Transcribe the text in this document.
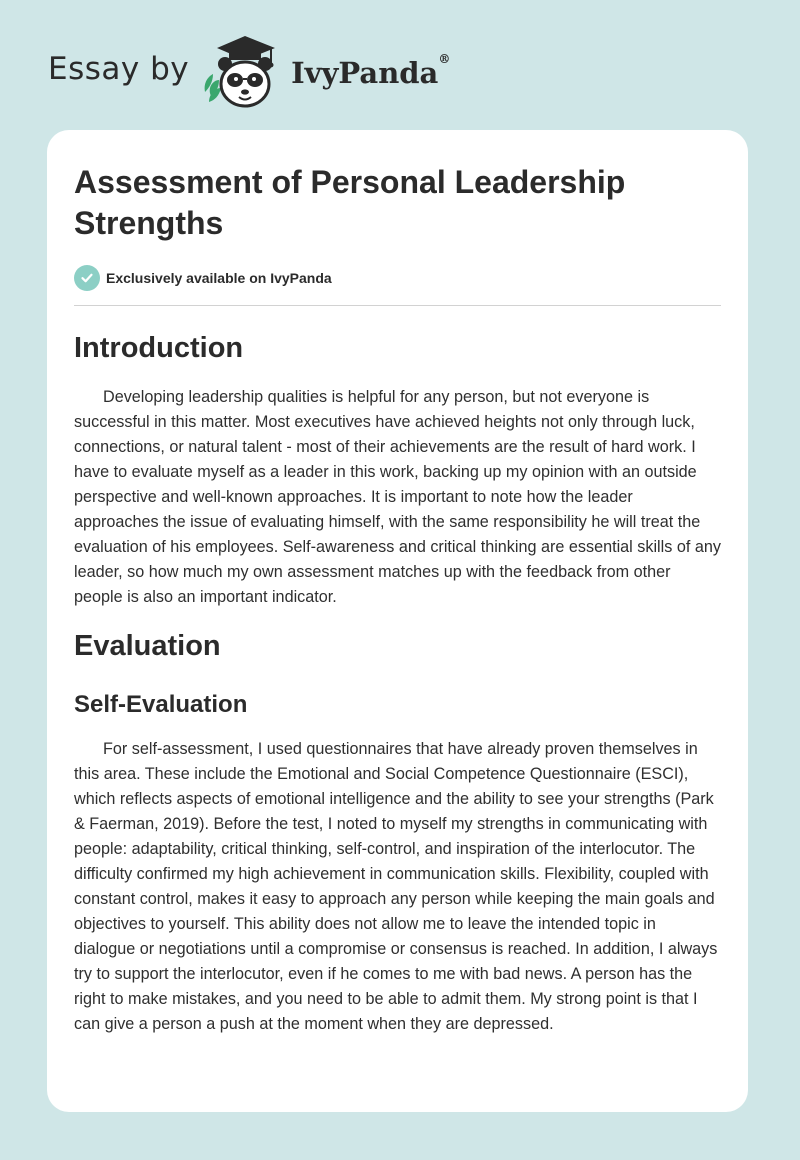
Essay by	IvyPanda®
Assessment of Personal Leadership Strengths
Exclusively available on IvyPanda
Introduction

Developing leadership qualities is helpful for any person, but not everyone is successful in this matter. Most executives have achieved heights not only through luck, connections, or natural talent - most of their achievements are the result of hard work. I have to evaluate myself as a leader in this work, backing up my opinion with an outside perspective and well-known approaches. It is important to note how the leader approaches the issue of evaluating himself, with the same responsibility he will treat the evaluation of his employees. Self-awareness and critical thinking are essential skills of any leader, so how much my own assessment matches up with the feedback from other people is also an important indicator.

Evaluation
Self-Evaluation

For self-assessment, I used questionnaires that have already proven themselves in this area. These include the Emotional and Social Competence Questionnaire (ESCI), which reflects aspects of emotional intelligence and the ability to see your strengths (Park & Faerman, 2019). Before the test, I noted to myself my strengths in communicating with people: adaptability, critical thinking, self-control, and inspiration of the interlocutor. The difficulty confirmed my high achievement in communication skills. Flexibility, coupled with constant control, makes it easy to approach any person while keeping the main goals and objectives to yourself. This ability does not allow me to leave the intended topic in dialogue or negotiations until a compromise or consensus is reached. In addition, I always try to support the interlocutor, even if he comes to me with bad news. A person has the right to make mistakes, and you need to be able to admit them. My strong point is that I can give a person a push at the moment when they are depressed.
